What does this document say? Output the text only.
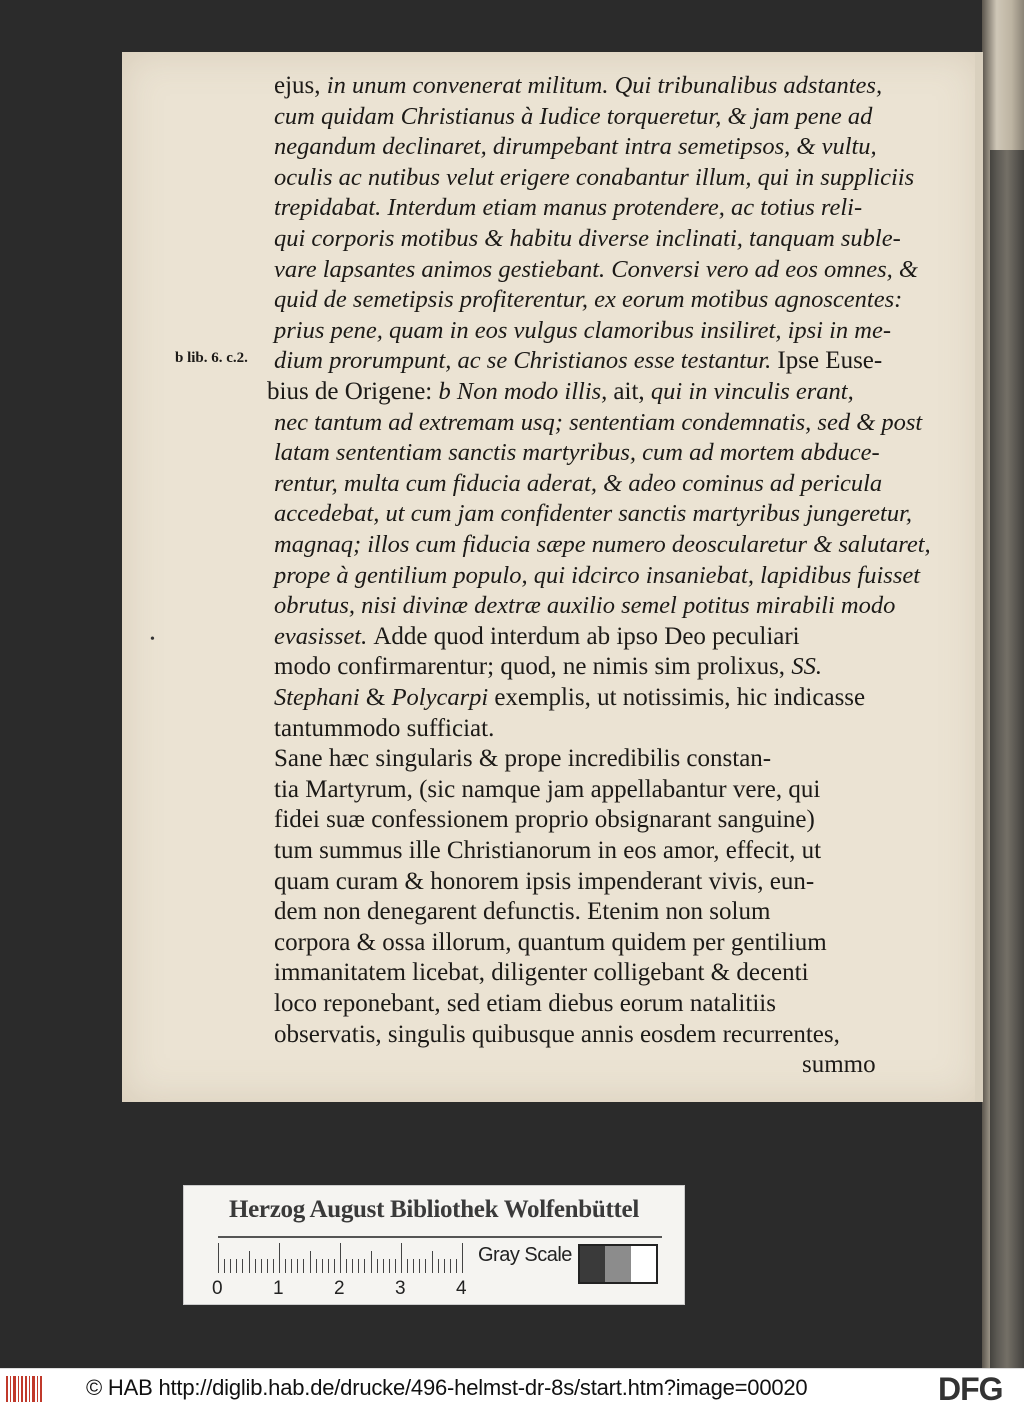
ejus, in unum convenerat militum. Qui tribunalibus adstantes,
cum quidam Christianus à Iudice torqueretur, & jam pene ad
negandum declinaret, dirumpebant intra semetipsos, & vultu,
oculis ac nutibus velut erigere conabantur illum, qui in suppliciis
trepidabat. Interdum etiam manus protendere, ac totius reli-
qui corporis motibus & habitu diverse inclinati, tanquam suble-
vare lapsantes animos gestiebant. Conversi vero ad eos omnes, &
quid de semetipsis profiterentur, ex eorum motibus agnoscentes:
prius pene, quam in eos vulgus clamoribus insiliret, ipsi in me-
dium prorumpunt, ac se Christianos esse testantur. Ipse Euse-
bius de Origene: b Non modo illis, ait, qui in vinculis erant,
nec tantum ad extremam usq; sententiam condemnatis, sed & post
latam sententiam sanctis martyribus, cum ad mortem abduce-
rentur, multa cum fiducia aderat, & adeo cominus ad pericula
accedebat, ut cum jam confidenter sanctis martyribus jungeretur,
magnaq; illos cum fiducia sæpe numero deoscularetur & salutaret,
prope à gentilium populo, qui idcirco insaniebat, lapidibus fuisset
obrutus, nisi divinæ dextræ auxilio semel potitus mirabili modo
evasisset. Adde quod interdum ab ipso Deo peculiari
modo confirmarentur; quod, ne nimis sim prolixus, SS.
Stephani & Polycarpi exemplis, ut notissimis, hic indicasse
tantummodo sufficiat.
Sane hæc singularis & prope incredibilis constan-
tia Martyrum, (sic namque jam appellabantur vere, qui
fidei suæ confessionem proprio obsignarant sanguine)
tum summus ille Christianorum in eos amor, effecit, ut
quam curam & honorem ipsis impenderant vivis, eun-
dem non denegarent defunctis. Etenim non solum
corpora & ossa illorum, quantum quidem per gentilium
immanitatem licebat, diligenter colligebant & decenti
loco reponebant, sed etiam diebus eorum natalitiis
observatis, singulis quibusque annis eosdem recurrentes,
summo
b lib. 6. c.2.
•
Herzog August Bibliothek Wolfenbüttel
Gray Scale
0	1	2	3	4
© HAB http://diglib.hab.de/drucke/496-helmst-dr-8s/start.htm?image=00020	DFG
